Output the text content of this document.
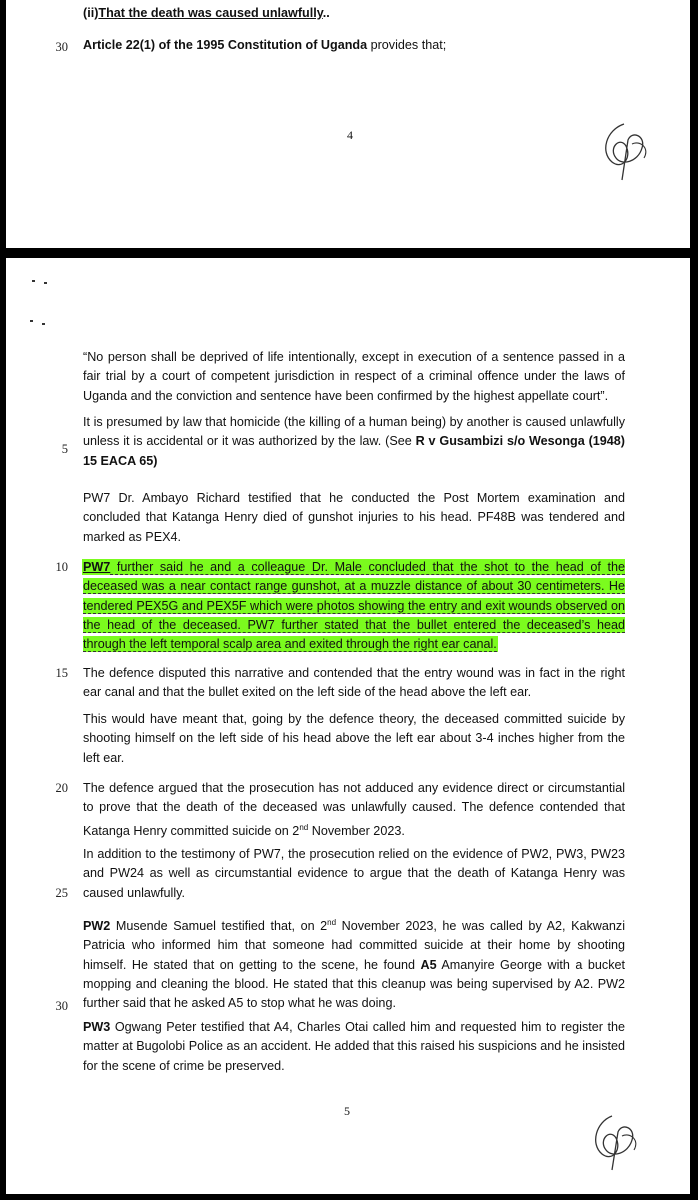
(ii)That the death was caused unlawfully..
30 Article 22(1) of the 1995 Constitution of Uganda provides that;
4

“No person shall be deprived of life intentionally, except in execution of a sentence passed in a fair trial by a court of competent jurisdiction in respect of a criminal offence under the laws of Uganda and the conviction and sentence have been confirmed by the highest appellate court”.

It is presumed by law that homicide (the killing of a human being) by another is caused unlawfully unless it is accidental or it was authorized by the law. (See R v Gusambizi s/o Wesonga (1948) 15 EACA 65)

5

PW7 Dr. Ambayo Richard testified that he conducted the Post Mortem examination and concluded that Katanga Henry died of gunshot injuries to his head. PF48B was tendered and marked as PEX4.

10 PW7 further said he and a colleague Dr. Male concluded that the shot to the head of the deceased was a near contact range gunshot, at a muzzle distance of about 30 centimeters. He tendered PEX5G and PEX5F which were photos showing the entry and exit wounds observed on the head of the deceased. PW7 further stated that the bullet entered the deceased’s head through the left temporal scalp area and exited through the right ear canal.

15 The defence disputed this narrative and contended that the entry wound was in fact in the right ear canal and that the bullet exited on the left side of the head above the left ear.

This would have meant that, going by the defence theory, the deceased committed suicide by shooting himself on the left side of his head above the left ear about 3-4 inches higher from the left ear.

20 The defence argued that the prosecution has not adduced any evidence direct or circumstantial to prove that the death of the deceased was unlawfully caused. The defence contended that Katanga Henry committed suicide on 2nd November 2023.

In addition to the testimony of PW7, the prosecution relied on the evidence of PW2, PW3, PW23 and PW24 as well as circumstantial evidence to argue that the death of Katanga Henry was caused unlawfully.

25

PW2 Musende Samuel testified that, on 2nd November 2023, he was called by A2, Kakwanzi Patricia who informed him that someone had committed suicide at their home by shooting himself. He stated that on getting to the scene, he found A5 Amanyire George with a bucket mopping and cleaning the blood. He stated that this cleanup was being supervised by A2. PW2 further said that he asked A5 to stop what he was doing.

30

PW3 Ogwang Peter testified that A4, Charles Otai called him and requested him to register the matter at Bugolobi Police as an accident. He added that this raised his suspicions and he insisted for the scene of crime be preserved.

5
